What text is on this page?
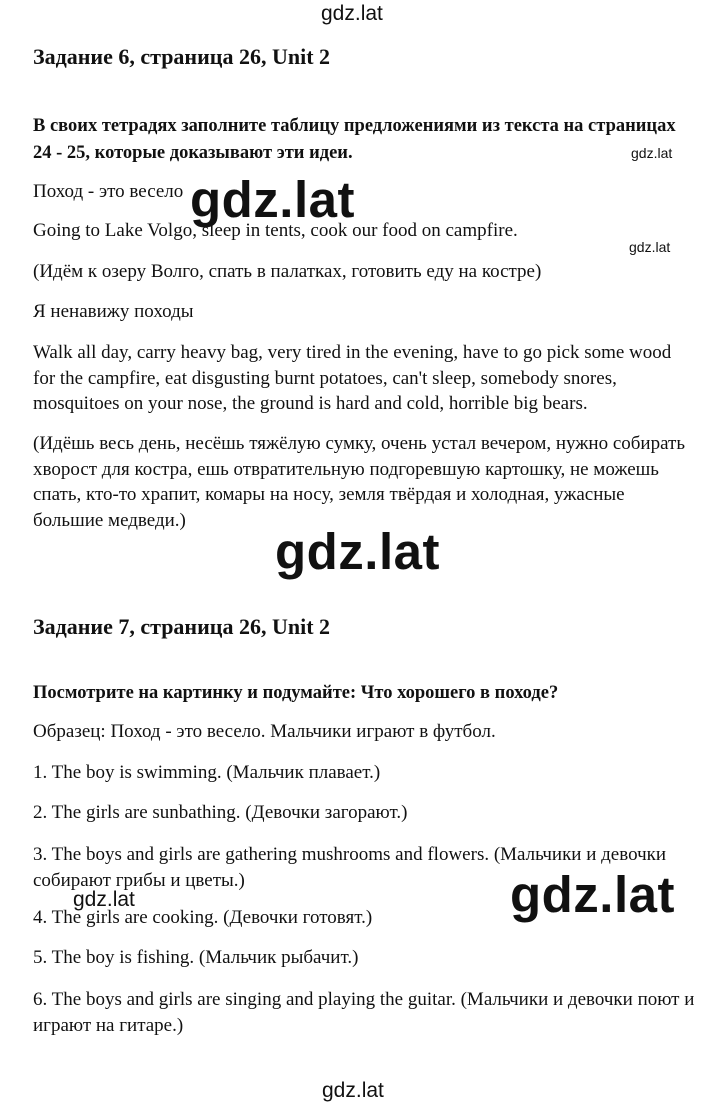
gdz.lat
Задание 6, страница 26, Unit 2
В своих тетрадях заполните таблицу предложениями из текста на страницах 24 - 25, которые доказывают эти идеи.	gdz.lat
Поход - это весело gdz.lat
Going to Lake Volgo, sleep in tents, cook our food on campfire.
gdz.lat
(Идём к озеру Волго, спать в палатках, готовить еду на костре)
Я ненавижу походы
Walk all day, carry heavy bag, very tired in the evening, have to go pick some wood for the campfire, eat disgusting burnt potatoes, can't sleep, somebody snores, mosquitoes on your nose, the ground is hard and cold, horrible big bears.
(Идёшь весь день, несёшь тяжёлую сумку, очень устал вечером, нужно собирать хворост для костра, ешь отвратительную подгоревшую картошку, не можешь спать, кто-то храпит, комары на носу, земля твёрдая и холодная, ужасные большие медведи.)
gdz.lat
Задание 7, страница 26, Unit 2
Посмотрите на картинку и подумайте: Что хорошего в походе?
Образец: Поход - это весело. Мальчики играют в футбол.
1. The boy is swimming. (Мальчик плавает.)
2. The girls are sunbathing. (Девочки загорают.)
3. The boys and girls are gathering mushrooms and flowers. (Мальчики и девочки собирают грибы и цветы.)
gdz.lat	gdz.lat
4. The girls are cooking. (Девочки готовят.)
5. The boy is fishing. (Мальчик рыбачит.)
6. The boys and girls are singing and playing the guitar. (Мальчики и девочки поют и играют на гитаре.)
gdz.lat
